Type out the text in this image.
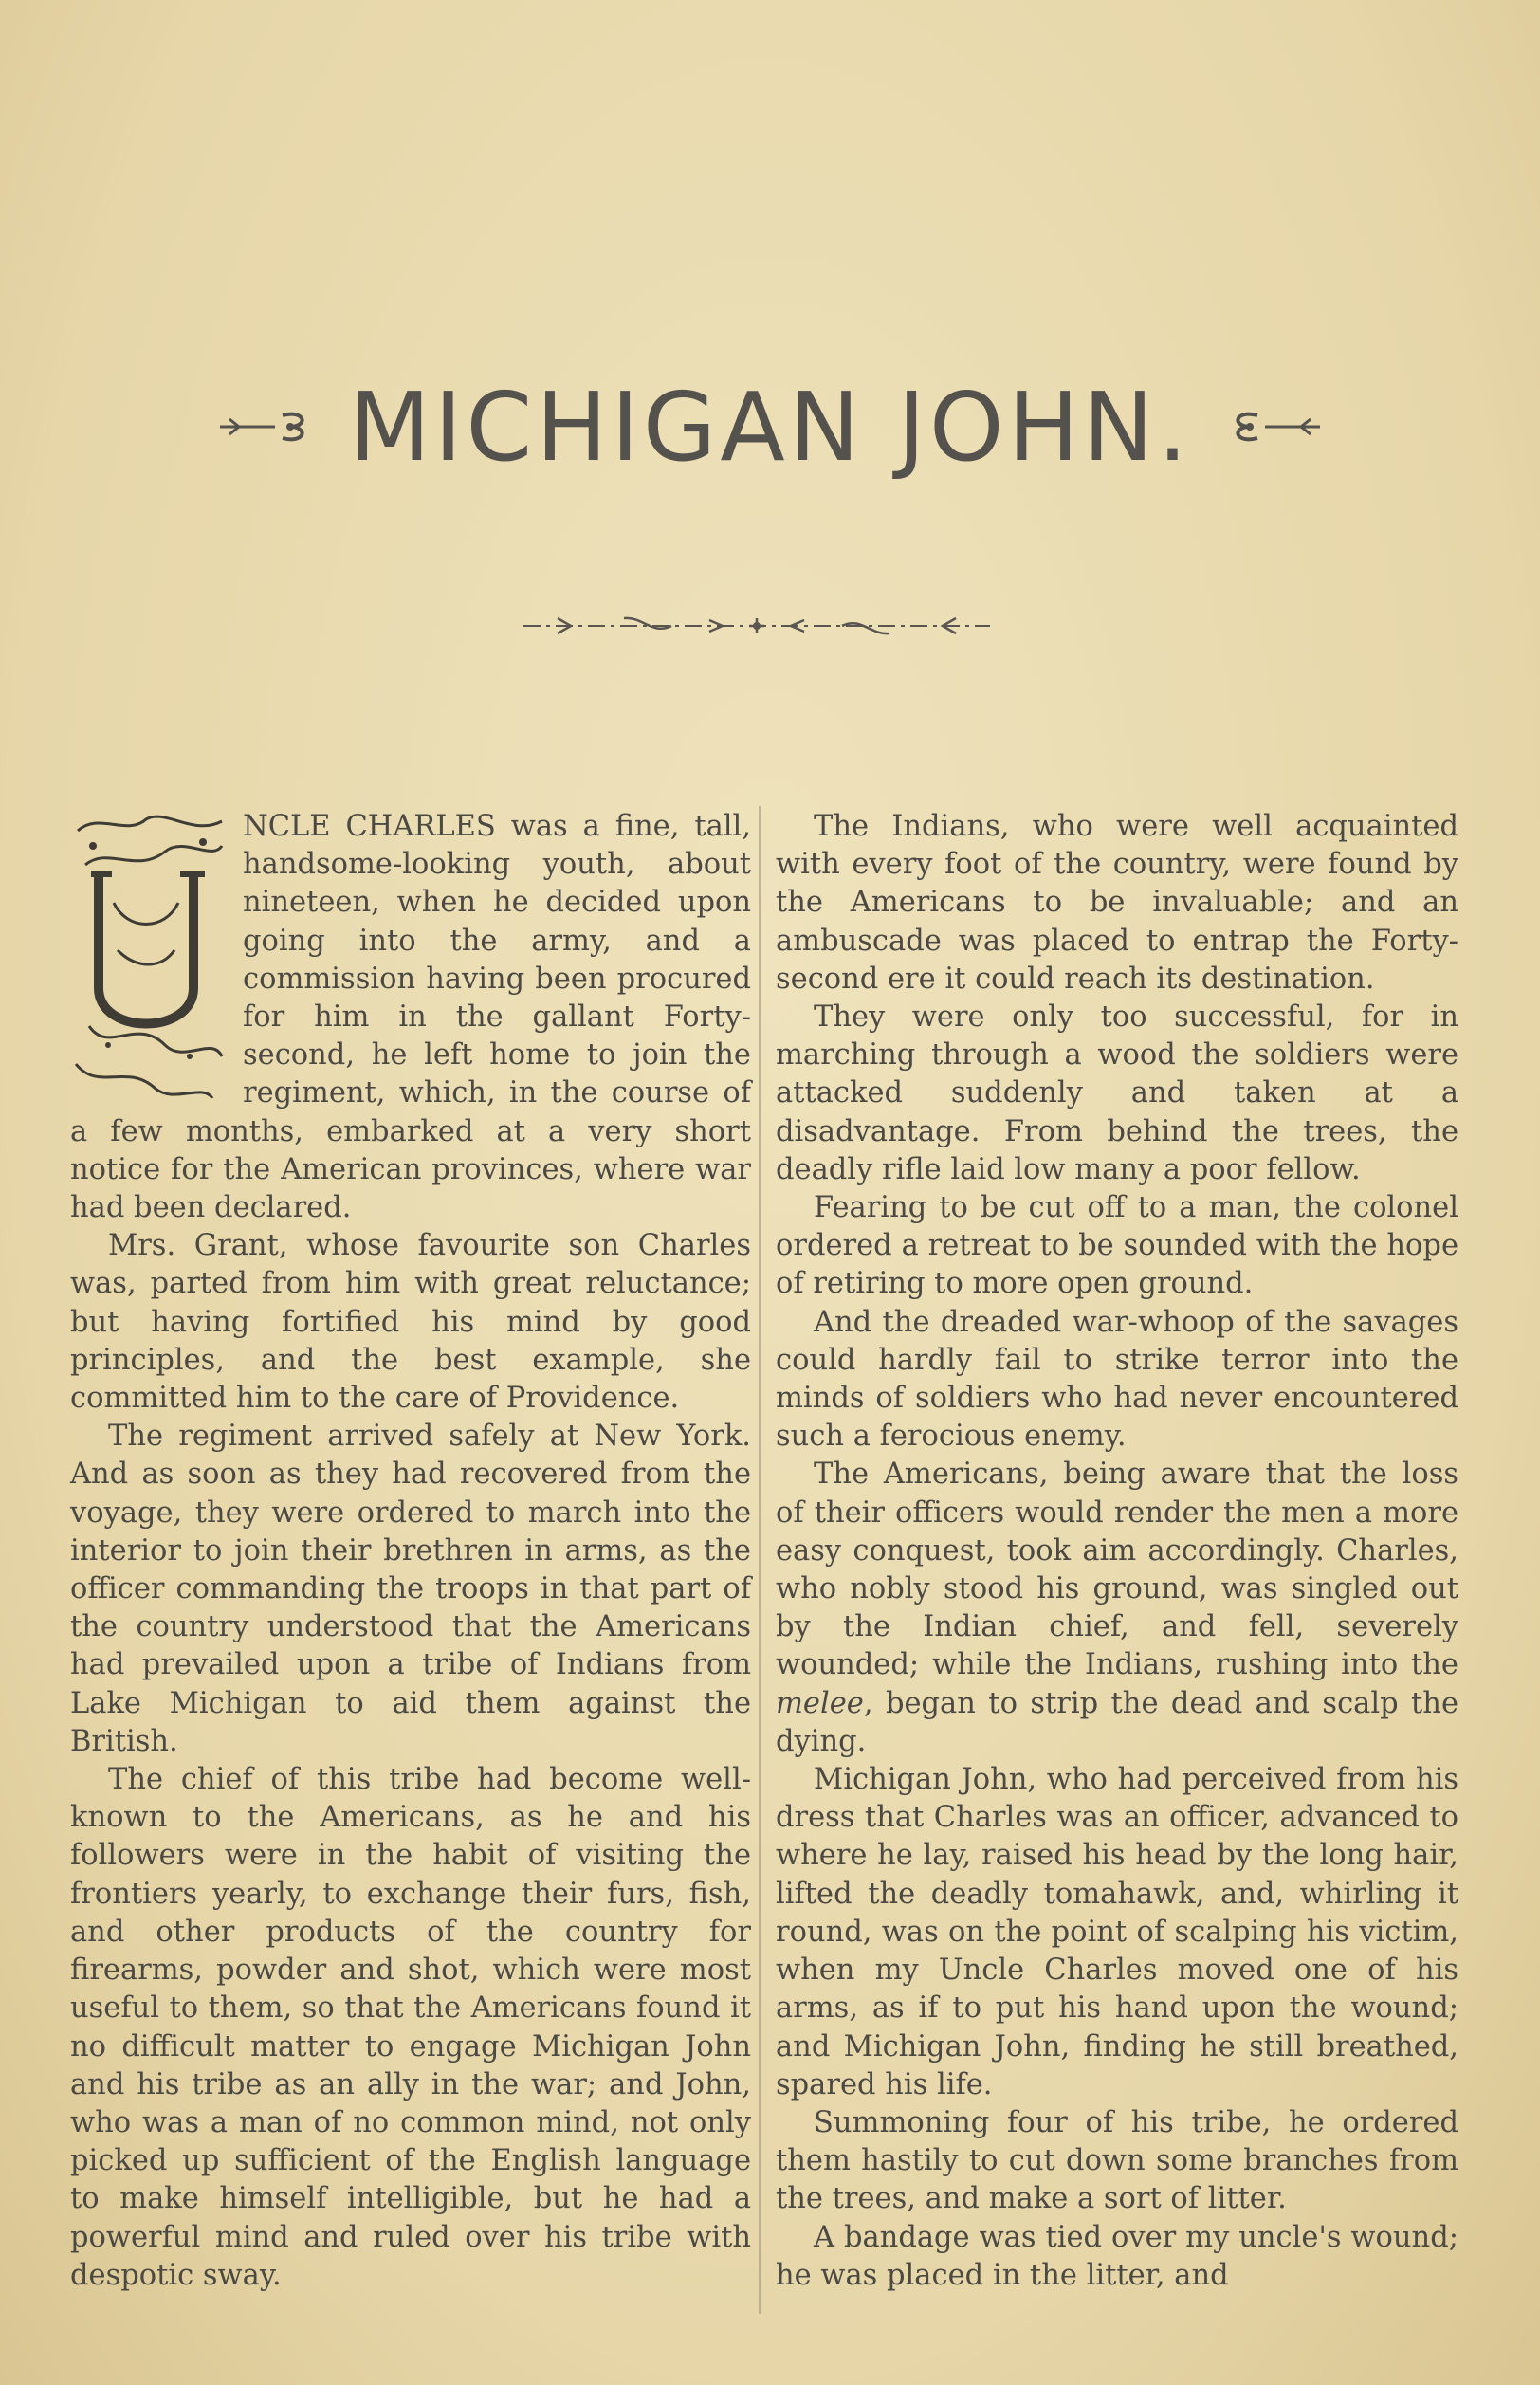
MICHIGAN JOHN.

NCLE CHARLES was a fine, tall, handsome-looking youth, about nineteen, when he decided upon going into the army, and a commission having been procured for him in the gallant Forty-second, he left home to join the regiment, which, in the course of a few months, embarked at a very short notice for the American provinces, where war had been declared.

Mrs. Grant, whose favourite son Charles was, parted from him with great reluctance; but having fortified his mind by good principles, and the best example, she committed him to the care of Providence.

The regiment arrived safely at New York. And as soon as they had recovered from the voyage, they were ordered to march into the interior to join their brethren in arms, as the officer commanding the troops in that part of the country understood that the Americans had prevailed upon a tribe of Indians from Lake Michigan to aid them against the British.

The chief of this tribe had become well-known to the Americans, as he and his followers were in the habit of visiting the frontiers yearly, to exchange their furs, fish, and other products of the country for firearms, powder and shot, which were most useful to them, so that the Americans found it no difficult matter to engage Michigan John and his tribe as an ally in the war; and John, who was a man of no common mind, not only picked up sufficient of the English language to make himself intelligible, but he had a powerful mind and ruled over his tribe with despotic sway.

The Indians, who were well acquainted with every foot of the country, were found by the Americans to be invaluable; and an ambuscade was placed to entrap the Forty-second ere it could reach its destination.

They were only too successful, for in marching through a wood the soldiers were attacked suddenly and taken at a disadvantage. From behind the trees, the deadly rifle laid low many a poor fellow.

Fearing to be cut off to a man, the colonel ordered a retreat to be sounded with the hope of retiring to more open ground.

And the dreaded war-whoop of the savages could hardly fail to strike terror into the minds of soldiers who had never encountered such a ferocious enemy.

The Americans, being aware that the loss of their officers would render the men a more easy conquest, took aim accordingly. Charles, who nobly stood his ground, was singled out by the Indian chief, and fell, severely wounded; while the Indians, rushing into the melee, began to strip the dead and scalp the dying.

Michigan John, who had perceived from his dress that Charles was an officer, advanced to where he lay, raised his head by the long hair, lifted the deadly tomahawk, and, whirling it round, was on the point of scalping his victim, when my Uncle Charles moved one of his arms, as if to put his hand upon the wound; and Michigan John, finding he still breathed, spared his life.

Summoning four of his tribe, he ordered them hastily to cut down some branches from the trees, and make a sort of litter.

A bandage was tied over my uncle's wound; he was placed in the litter, and
